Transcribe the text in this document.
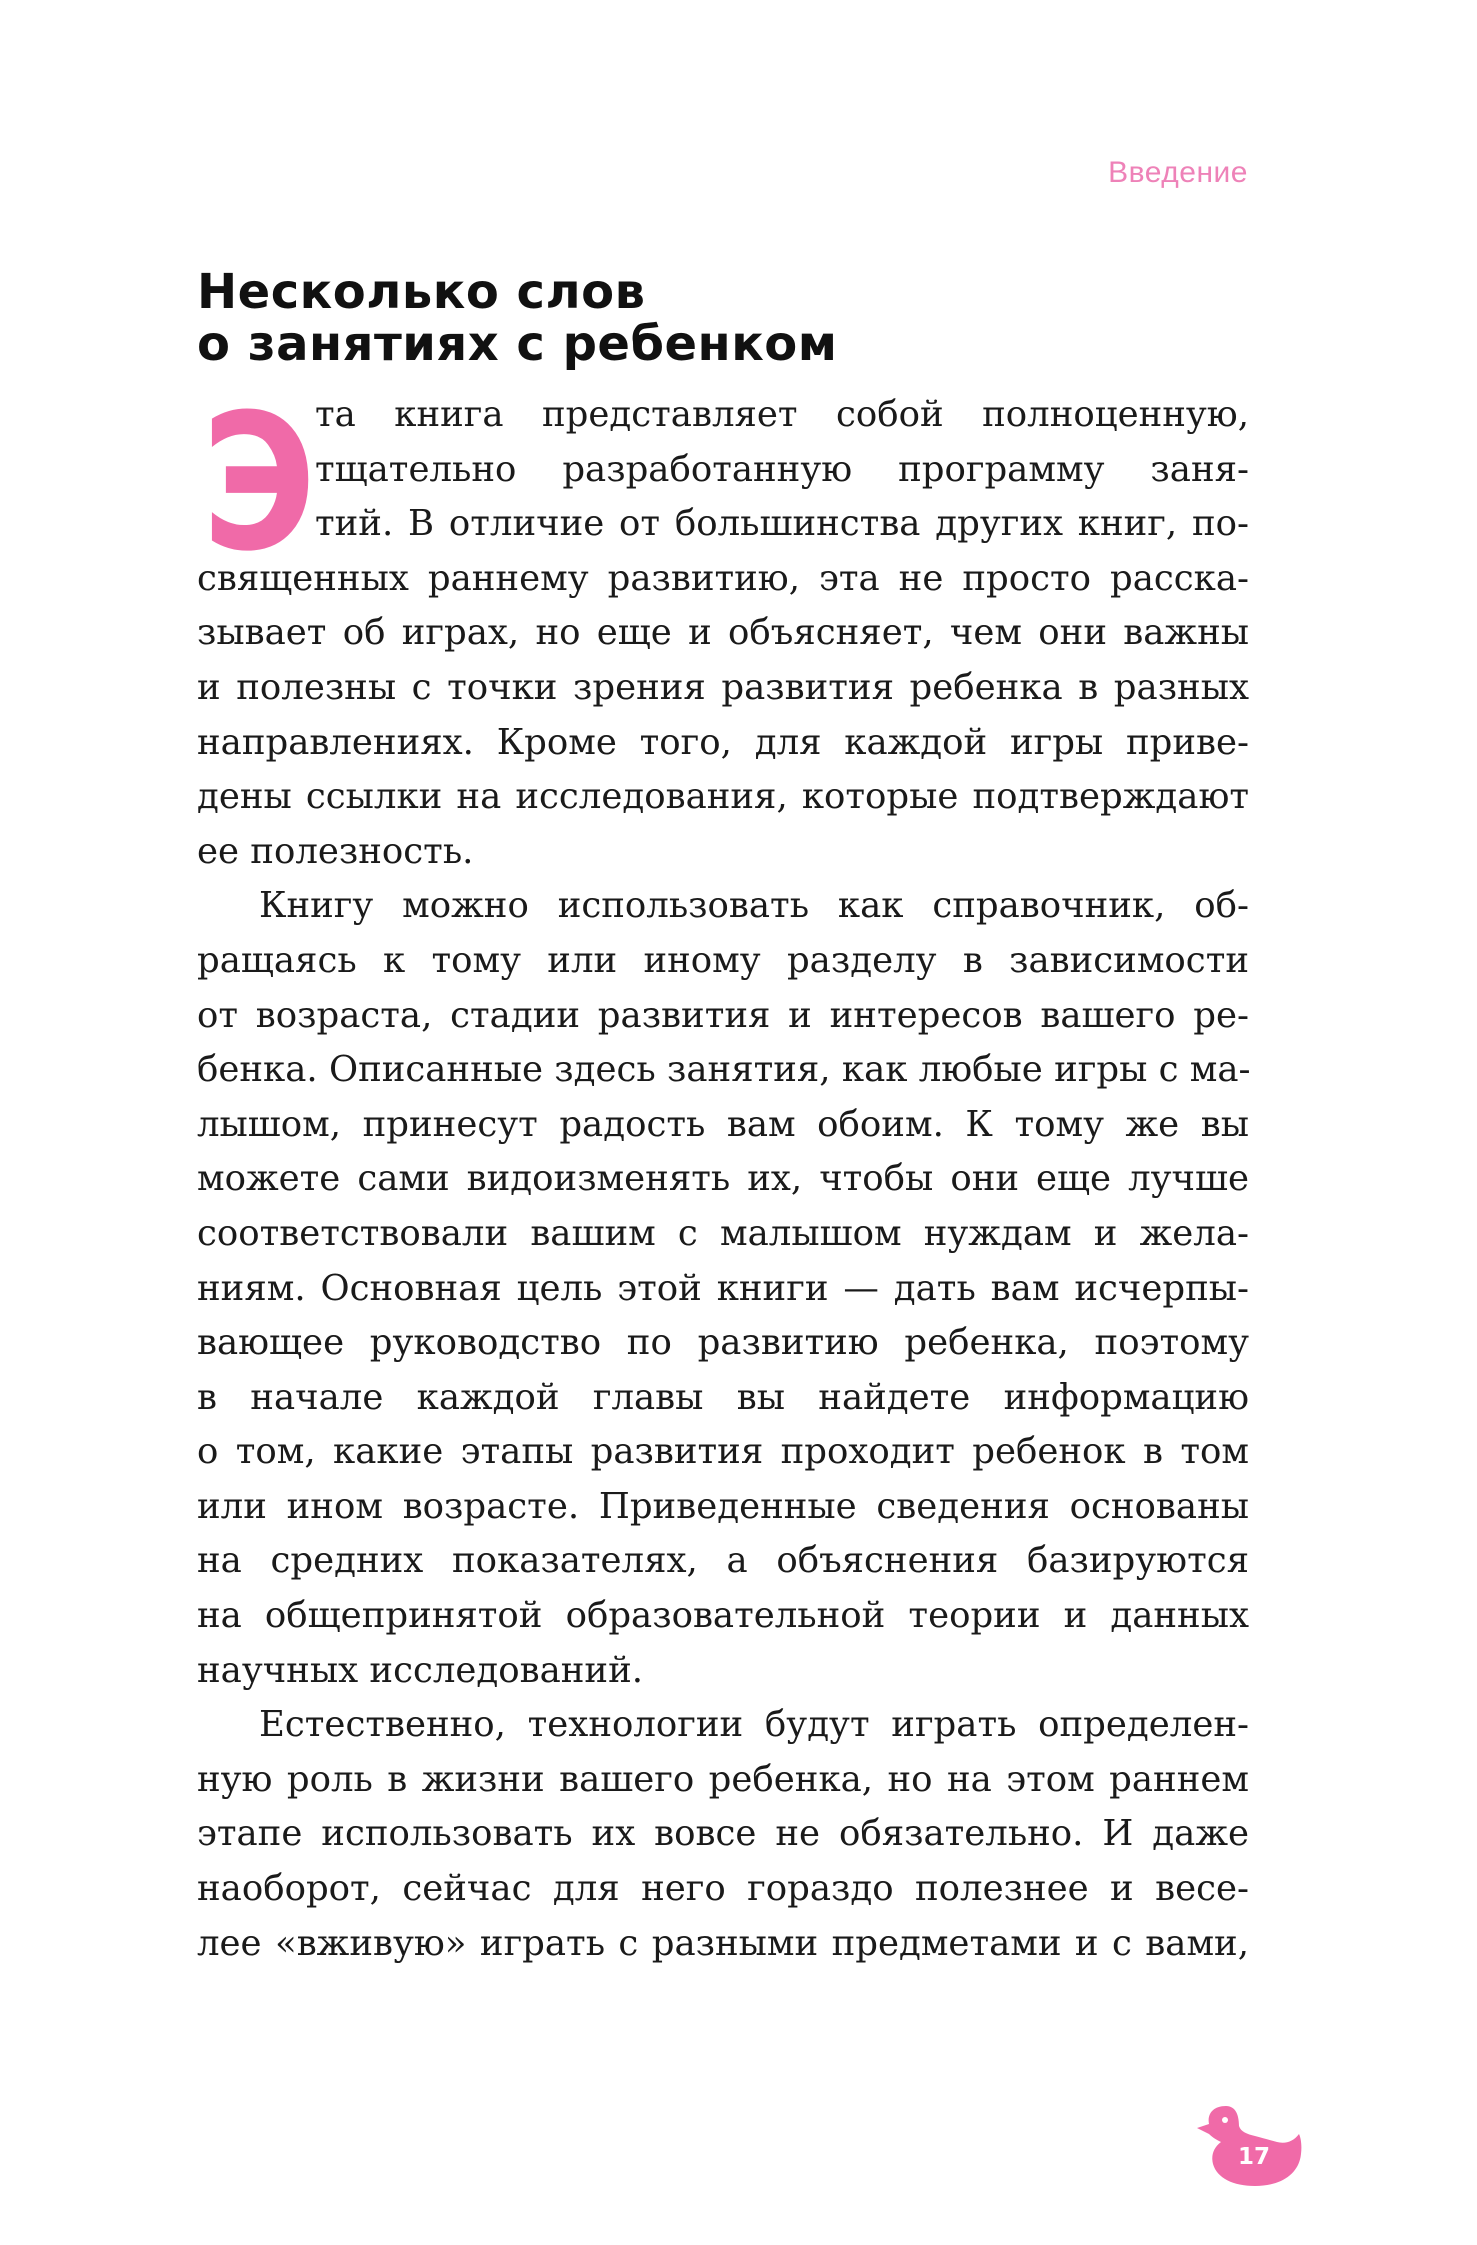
Введение
Несколько слов
о занятиях с ребенком
Э та книга представляет собой полноценную,
тщательно разработанную программу заня-
тий. В отличие от большинства других книг, по-
священных раннему развитию, эта не просто расска-
зывает об играх, но еще и объясняет, чем они важны
и полезны с точки зрения развития ребенка в разных
направлениях. Кроме того, для каждой игры приве-
дены ссылки на исследования, которые подтверждают
ее полезность.
Книгу можно использовать как справочник, об-
ращаясь к тому или иному разделу в зависимости
от возраста, стадии развития и интересов вашего ре-
бенка. Описанные здесь занятия, как любые игры с ма-
лышом, принесут радость вам обоим. К тому же вы
можете сами видоизменять их, чтобы они еще лучше
соответствовали вашим с малышом нуждам и жела-
ниям. Основная цель этой книги — дать вам исчерпы-
вающее руководство по развитию ребенка, поэтому
в начале каждой главы вы найдете информацию
о том, какие этапы развития проходит ребенок в том
или ином возрасте. Приведенные сведения основаны
на средних показателях, а объяснения базируются
на общепринятой образовательной теории и данных
научных исследований.
Естественно, технологии будут играть определен-
ную роль в жизни вашего ребенка, но на этом раннем
этапе использовать их вовсе не обязательно. И даже
наоборот, сейчас для него гораздо полезнее и весе-
лее «вживую» играть с разными предметами и с вами,
17
